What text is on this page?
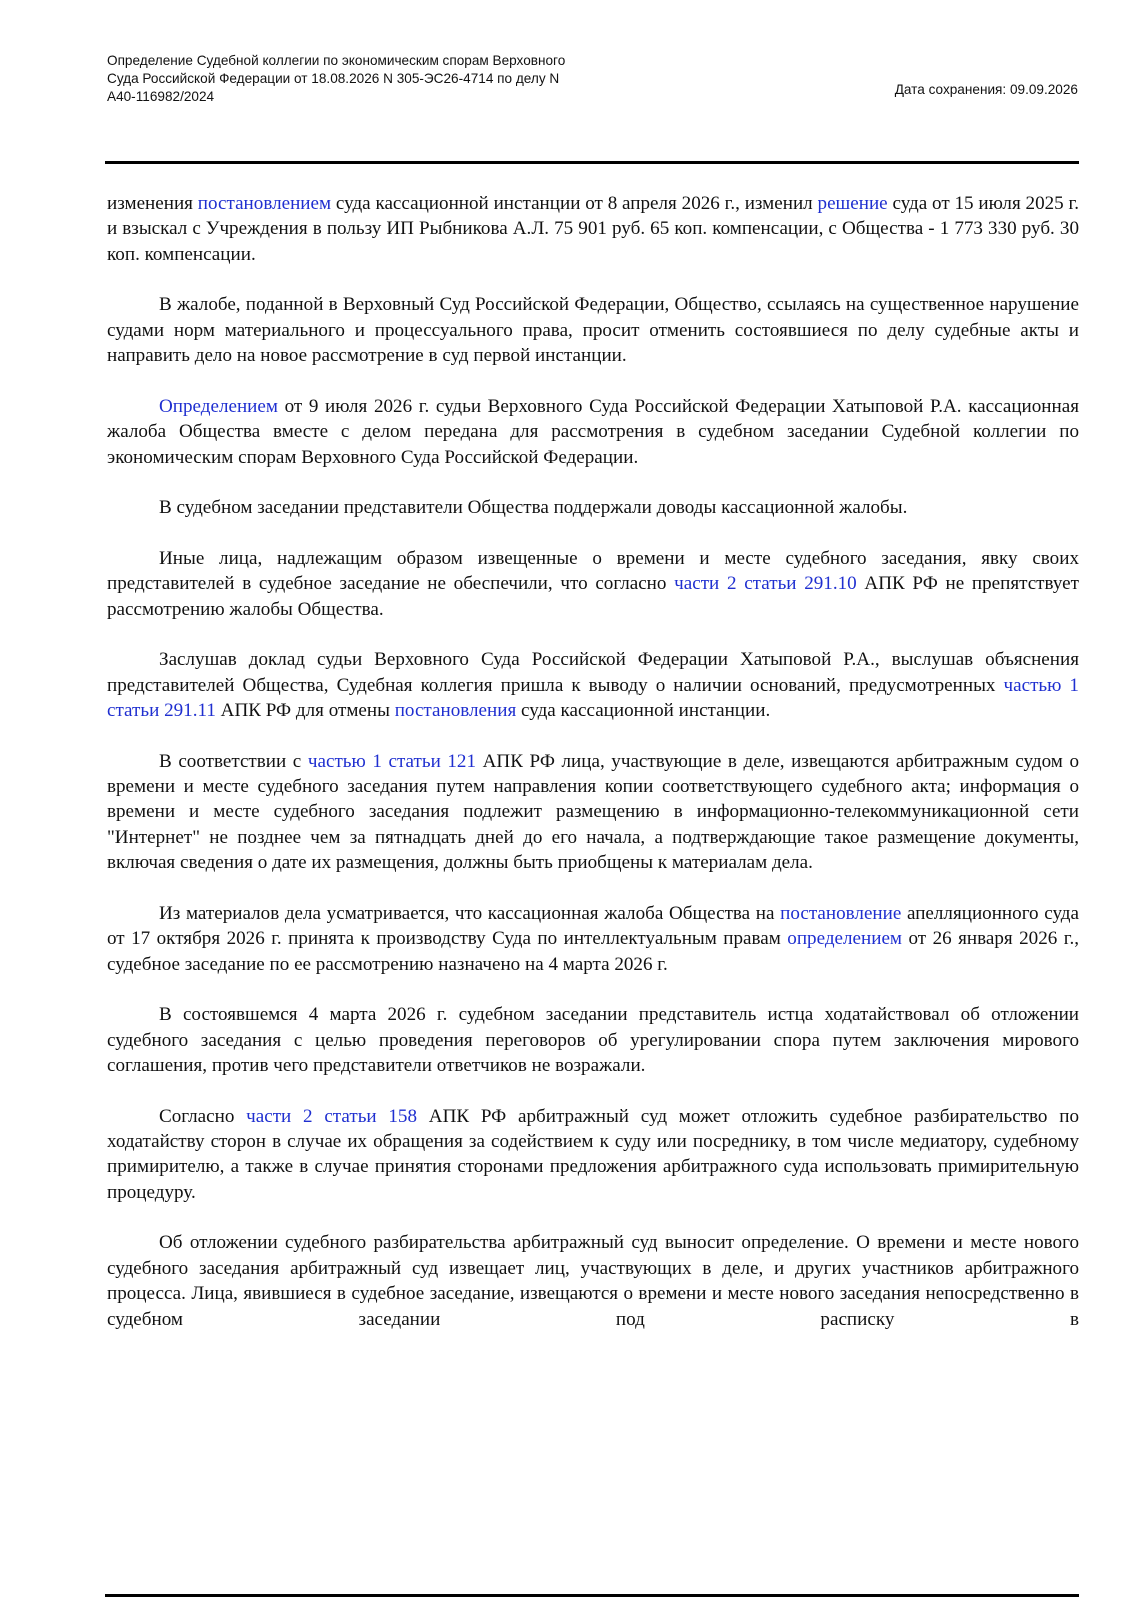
Определение Судебной коллегии по экономическим спорам Верховного
Суда Российской Федерации от 18.08.2026 N 305-ЭС26-4714 по делу N
А40-116982/2024	Дата сохранения: 09.09.2026

изменения постановлением суда кассационной инстанции от 8 апреля 2026 г., изменил решение суда от 15 июля 2025 г. и взыскал с Учреждения в пользу ИП Рыбникова А.Л. 75 901 руб. 65 коп. компенсации, с Общества - 1 773 330 руб. 30 коп. компенсации.

В жалобе, поданной в Верховный Суд Российской Федерации, Общество, ссылаясь на существенное нарушение судами норм материального и процессуального права, просит отменить состоявшиеся по делу судебные акты и направить дело на новое рассмотрение в суд первой инстанции.

Определением от 9 июля 2026 г. судьи Верховного Суда Российской Федерации Хатыповой Р.А. кассационная жалоба Общества вместе с делом передана для рассмотрения в судебном заседании Судебной коллегии по экономическим спорам Верховного Суда Российской Федерации.

В судебном заседании представители Общества поддержали доводы кассационной жалобы.

Иные лица, надлежащим образом извещенные о времени и месте судебного заседания, явку своих представителей в судебное заседание не обеспечили, что согласно части 2 статьи 291.10 АПК РФ не препятствует рассмотрению жалобы Общества.

Заслушав доклад судьи Верховного Суда Российской Федерации Хатыповой Р.А., выслушав объяснения представителей Общества, Судебная коллегия пришла к выводу о наличии оснований, предусмотренных частью 1 статьи 291.11 АПК РФ для отмены постановления суда кассационной инстанции.

В соответствии с частью 1 статьи 121 АПК РФ лица, участвующие в деле, извещаются арбитражным судом о времени и месте судебного заседания путем направления копии соответствующего судебного акта; информация о времени и месте судебного заседания подлежит размещению в информационно-телекоммуникационной сети "Интернет" не позднее чем за пятнадцать дней до его начала, а подтверждающие такое размещение документы, включая сведения о дате их размещения, должны быть приобщены к материалам дела.

Из материалов дела усматривается, что кассационная жалоба Общества на постановление апелляционного суда от 17 октября 2026 г. принята к производству Суда по интеллектуальным правам определением от 26 января 2026 г., судебное заседание по ее рассмотрению назначено на 4 марта 2026 г.

В состоявшемся 4 марта 2026 г. судебном заседании представитель истца ходатайствовал об отложении судебного заседания с целью проведения переговоров об урегулировании спора путем заключения мирового соглашения, против чего представители ответчиков не возражали.

Согласно части 2 статьи 158 АПК РФ арбитражный суд может отложить судебное разбирательство по ходатайству сторон в случае их обращения за содействием к суду или посреднику, в том числе медиатору, судебному примирителю, а также в случае принятия сторонами предложения арбитражного суда использовать примирительную процедуру.

Об отложении судебного разбирательства арбитражный суд выносит определение. О времени и месте нового судебного заседания арбитражный суд извещает лиц, участвующих в деле, и других участников арбитражного процесса. Лица, явившиеся в судебное заседание, извещаются о времени и месте нового заседания непосредственно в судебном заседании под расписку в
